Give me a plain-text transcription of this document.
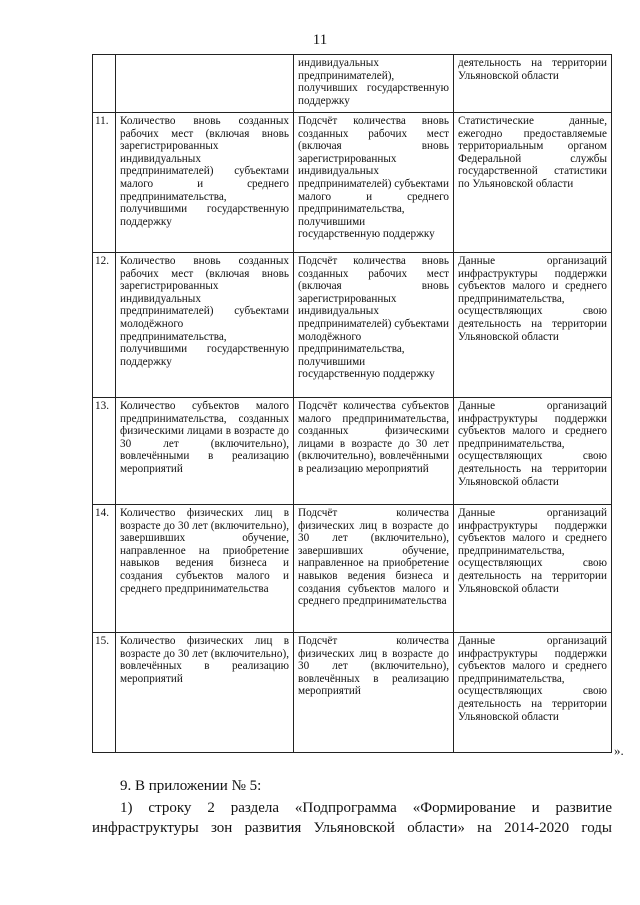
11
		индивидуальных предпринимателей), получивших государственную поддержку	деятельность на территории Ульяновской области
11.	Количество вновь созданных рабочих мест (включая вновь зарегистрированных индивидуальных предпринимателей) субъектами малого и среднего предпринимательства, получившими государственную поддержку	Подсчёт количества вновь созданных рабочих мест (включая вновь зарегистрированных индивидуальных предпринимателей) субъектами малого и среднего предпринимательства, получившими государственную поддержку	Статистические данные, ежегодно предоставляемые территориальным органом Федеральной службы государственной статистики по Ульяновской области
12.	Количество вновь созданных рабочих мест (включая вновь зарегистрированных индивидуальных предпринимателей) субъектами молодёжного предпринимательства, получившими государственную поддержку	Подсчёт количества вновь созданных рабочих мест (включая вновь зарегистрированных индивидуальных предпринимателей) субъектами молодёжного предпринимательства, получившими государственную поддержку	Данные организаций инфраструктуры поддержки субъектов малого и среднего предпринимательства, осуществляющих свою деятельность на территории Ульяновской области
13.	Количество субъектов малого предпринимательства, созданных физическими лицами в возрасте до 30 лет (включительно), вовлечёнными в реализацию мероприятий	Подсчёт количества субъектов малого предпринимательства, созданных физическими лицами в возрасте до 30 лет (включительно), вовлечёнными в реализацию мероприятий	Данные организаций инфраструктуры поддержки субъектов малого и среднего предпринимательства, осуществляющих свою деятельность на территории Ульяновской области
14.	Количество физических лиц в возрасте до 30 лет (включительно), завершивших обучение, направленное на приобретение навыков ведения бизнеса и создания субъектов малого и среднего предпринимательства	Подсчёт количества физических лиц в возрасте до 30 лет (включительно), завершивших обучение, направленное на приобретение навыков ведения бизнеса и создания субъектов малого и среднего предпринимательства	Данные организаций инфраструктуры поддержки субъектов малого и среднего предпринимательства, осуществляющих свою деятельность на территории Ульяновской области
15.	Количество физических лиц в возрасте до 30 лет (включительно), вовлечённых в реализацию мероприятий	Подсчёт количества физических лиц в возрасте до 30 лет (включительно), вовлечённых в реализацию мероприятий	Данные организаций инфраструктуры поддержки субъектов малого и среднего предпринимательства, осуществляющих свою деятельность на территории Ульяновской области
».
9. В приложении № 5:
1) строку 2 раздела «Подпрограмма «Формирование и развитие
инфраструктуры зон развития Ульяновской области» на 2014-2020 годы
